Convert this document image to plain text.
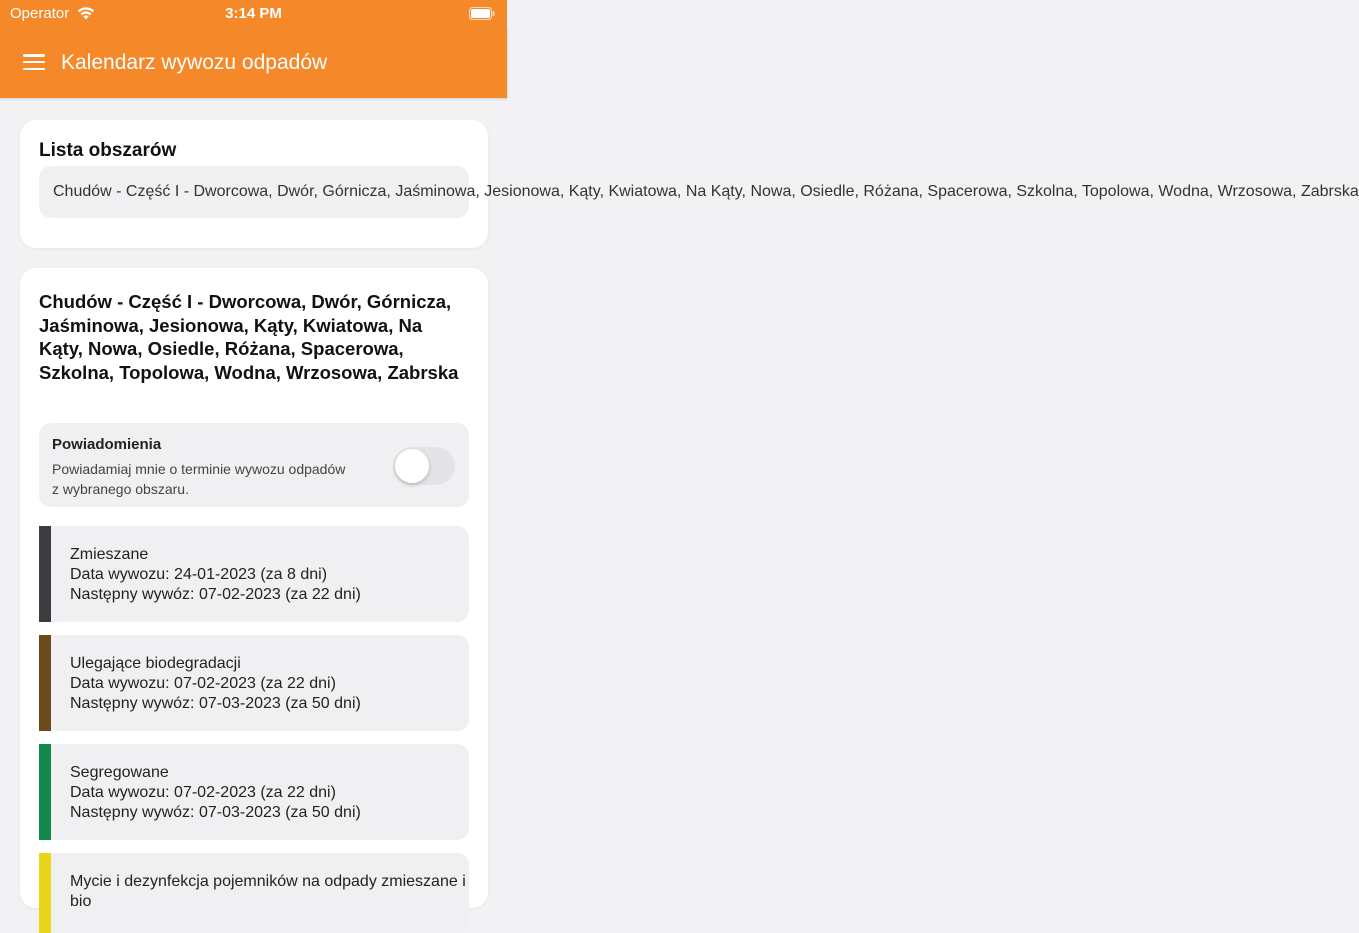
Operator	3:14 PM
Kalendarz wywozu odpadów
Lista obszarów
Chudów - Część I - Dworcowa, Dwór, Górnicza, Jaśminowa, Jesionowa, Kąty, Kwiatowa, Na Kąty, Nowa, Osiedle, Różana, Spacerowa, Szkolna, Topolowa, Wodna, Wrzosowa, Zabrska
Chudów - Część I - Dworcowa, Dwór, Górnicza, Jaśminowa, Jesionowa, Kąty, Kwiatowa, Na Kąty, Nowa, Osiedle, Różana, Spacerowa, Szkolna, Topolowa, Wodna, Wrzosowa, Zabrska
Powiadomienia
Powiadamiaj mnie o terminie wywozu odpadów z wybranego obszaru.
Zmieszane
Data wywozu: 24-01-2023 (za 8 dni)
Następny wywóz: 07-02-2023 (za 22 dni)
Ulegające biodegradacji
Data wywozu: 07-02-2023 (za 22 dni)
Następny wywóz: 07-03-2023 (za 50 dni)
Segregowane
Data wywozu: 07-02-2023 (za 22 dni)
Następny wywóz: 07-03-2023 (za 50 dni)
Mycie i dezynfekcja pojemników na odpady zmieszane i bio
